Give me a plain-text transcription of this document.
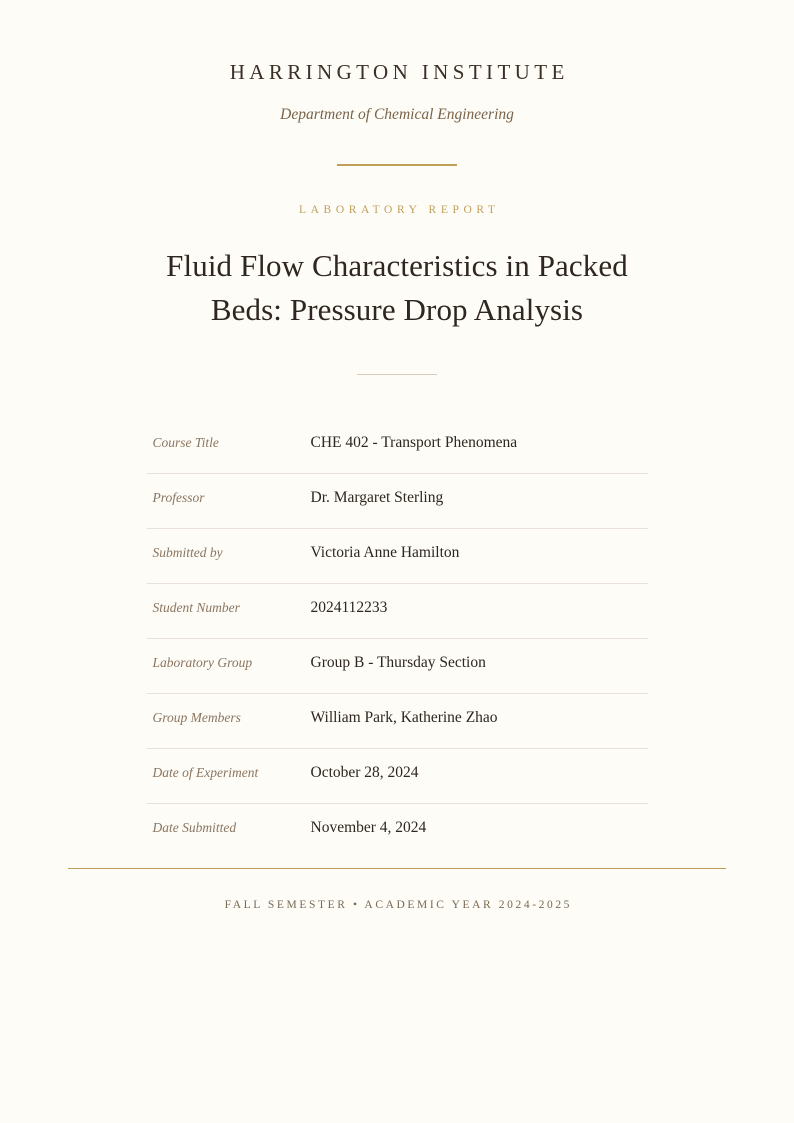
HARRINGTON INSTITUTE
Department of Chemical Engineering
LABORATORY REPORT
Fluid Flow Characteristics in Packed Beds: Pressure Drop Analysis
Course Title	CHE 402 - Transport Phenomena
Professor	Dr. Margaret Sterling
Submitted by	Victoria Anne Hamilton
Student Number	2024112233
Laboratory Group	Group B - Thursday Section
Group Members	William Park, Katherine Zhao
Date of Experiment	October 28, 2024
Date Submitted	November 4, 2024
FALL SEMESTER • ACADEMIC YEAR 2024-2025
